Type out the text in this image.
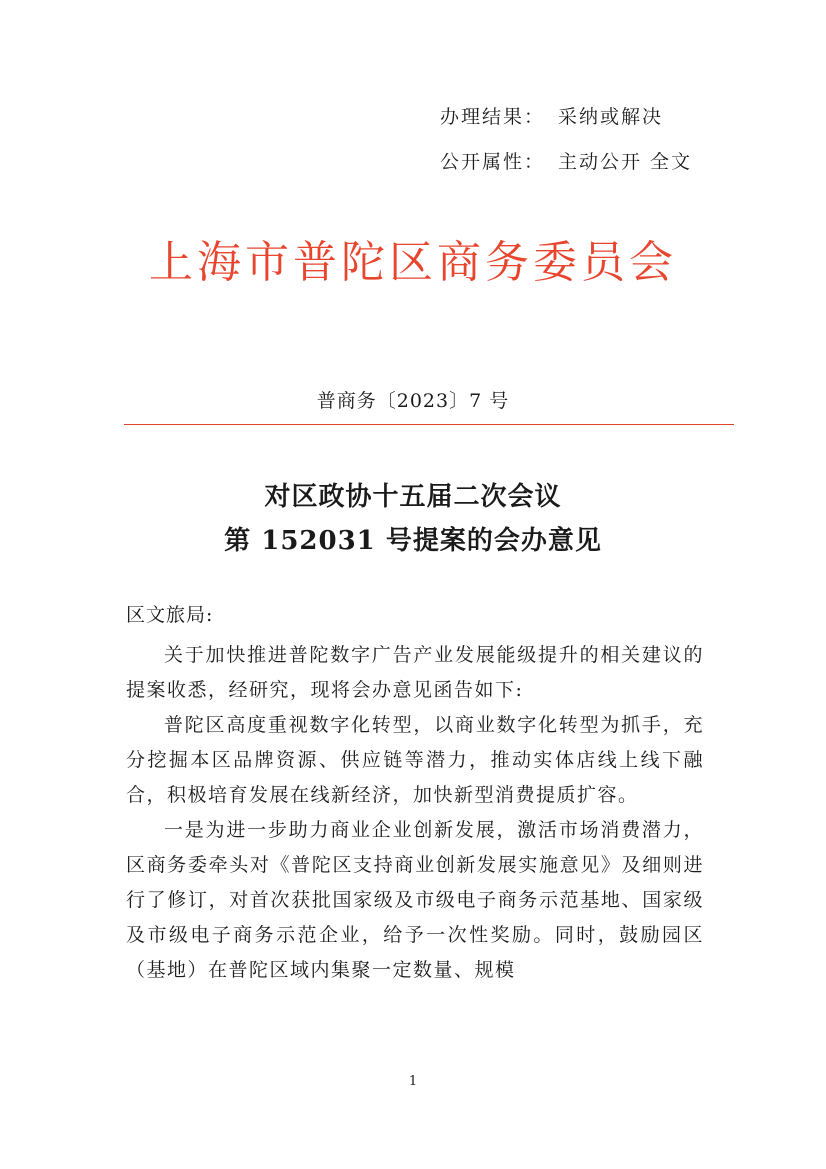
办理结果： 采纳或解决
公开属性： 主动公开 全文
上海市普陀区商务委员会
普商务〔2023〕7 号
对区政协十五届二次会议
第 152031 号提案的会办意见
区文旅局:

关于加快推进普陀数字广告产业发展能级提升的相关建议的提案收悉，经研究，现将会办意见函告如下:

普陀区高度重视数字化转型，以商业数字化转型为抓手，充分挖掘本区品牌资源、供应链等潜力，推动实体店线上线下融合，积极培育发展在线新经济，加快新型消费提质扩容。

一是为进一步助力商业企业创新发展，激活市场消费潜力，区商务委牵头对《普陀区支持商业创新发展实施意见》及细则进行了修订，对首次获批国家级及市级电子商务示范基地、国家级及市级电子商务示范企业，给予一次性奖励。同时，鼓励园区（基地）在普陀区域内集聚一定数量、规模

1
